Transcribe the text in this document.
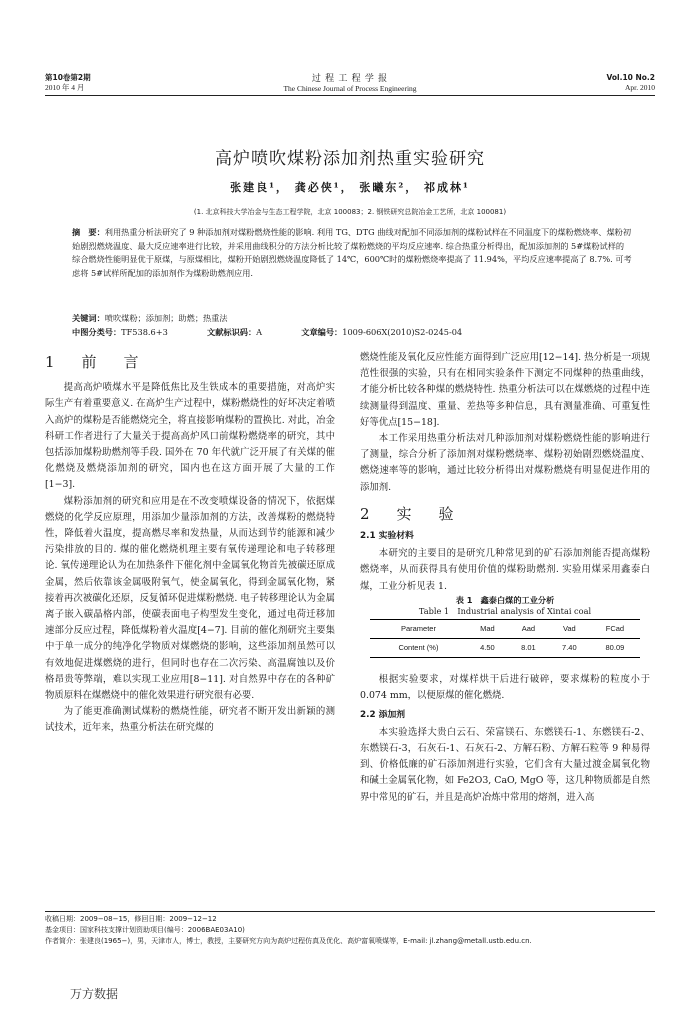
第10卷第2期
2010 年 4 月
过 程 工 程 学 报
The Chinese Journal of Process Engineering
Vol.10 No.2
Apr. 2010
高炉喷吹煤粉添加剂热重实验研究
张建良¹， 龚必侠¹， 张曦东²， 祁成林¹
(1. 北京科技大学冶金与生态工程学院，北京 100083；2. 钢铁研究总院冶金工艺所，北京 100081)
摘　要：利用热重分析法研究了 9 种添加剂对煤粉燃烧性能的影响. 利用 TG、DTG 曲线对配加不同添加剂的煤粉试样在不同温度下的煤粉燃烧率、煤粉初始剧烈燃烧温度、最大反应速率进行比较，并采用曲线积分的方法分析比较了煤粉燃烧的平均反应速率. 综合热重分析得出，配加添加剂的 5#煤粉试样的综合燃烧性能明显优于原煤，与原煤相比，煤粉开始剧烈燃烧温度降低了 14℃，600℃时的煤粉燃烧率提高了 11.94%，平均反应速率提高了 8.7%. 可考虑将 5#试样所配加的添加剂作为煤粉助燃剂应用.
关键词：喷吹煤粉；添加剂；助燃；热重法
中图分类号：TF538.6+3	文献标识码：A	文章编号：1009-606X(2010)S2-0245-04
1　前　言

提高高炉喷煤水平是降低焦比及生铁成本的重要措施，对高炉实际生产有着重要意义. 在高炉生产过程中，煤粉燃烧性的好坏决定着喷入高炉的煤粉是否能燃烧完全，将直接影响煤粉的置换比. 对此，冶金科研工作者进行了大量关于提高高炉风口前煤粉燃烧率的研究，其中包括添加煤粉助燃剂等手段. 国外在 70 年代就广泛开展了有关煤的催化燃烧及燃烧添加剂的研究，国内也在这方面开展了大量的工作[1−3].

煤粉添加剂的研究和应用是在不改变喷煤设备的情况下，依据煤燃烧的化学反应原理，用添加少量添加剂的方法，改善煤粉的燃烧特性，降低着火温度，提高燃尽率和发热量，从而达到节约能源和减少污染排放的目的. 煤的催化燃烧机理主要有氧传递理论和电子转移理论. 氧传递理论认为在加热条件下催化剂中金属氧化物首先被碳还原成金属，然后依靠该金属吸附氧气，使金属氧化，得到金属氧化物，紧接着再次被碳化还原，反复循环促进煤粉燃烧. 电子转移理论认为金属离子嵌入碳晶格内部，使碳表面电子构型发生变化，通过电荷迁移加速部分反应过程，降低煤粉着火温度[4−7]. 目前的催化剂研究主要集中于单一成分的纯净化学物质对煤燃烧的影响，这些添加剂虽然可以有效地促进煤燃烧的进行，但同时也存在二次污染、高温腐蚀以及价格昂贵等弊端，难以实现工业应用[8−11]. 对自然界中存在的各种矿物质原料在煤燃烧中的催化效果进行研究很有必要.

为了能更准确测试煤粉的燃烧性能，研究者不断开发出新颖的测试技术，近年来，热重分析法在研究煤的

燃烧性能及氧化反应性能方面得到广泛应用[12−14]. 热分析是一项规范性很强的实验，只有在相同实验条件下测定不同煤种的热重曲线，才能分析比较各种煤的燃烧特性. 热重分析法可以在煤燃烧的过程中连续测量得到温度、重量、差热等多种信息，具有测量准确、可重复性好等优点[15−18].

本工作采用热重分析法对几种添加剂对煤粉燃烧性能的影响进行了测量，综合分析了添加剂对煤粉燃烧率、煤粉初始剧烈燃烧温度、燃烧速率等的影响，通过比较分析得出对煤粉燃烧有明显促进作用的添加剂.

2　实　验
2.1 实验材料

本研究的主要目的是研究几种常见到的矿石添加剂能否提高煤粉燃烧率，从而获得具有使用价值的煤粉助燃剂. 实验用煤采用鑫泰白煤，工业分析见表 1.

表 1　鑫泰白煤的工业分析
Table 1　Industrial analysis of Xintai coal
Parameter	Mad	Aad	Vad	FCad
Content (%)	4.50	8.01	7.40	80.09

根据实验要求，对煤样烘干后进行破碎，要求煤粉的粒度小于 0.074 mm，以便原煤的催化燃烧.

2.2 添加剂

本实验选择大贵白云石、荣富镁石、东燃镁石-1、东燃镁石-2、东燃镁石-3，石灰石-1、石灰石-2、方解石粉、方解石粒等 9 种易得到、价格低廉的矿石添加剂进行实验，它们含有大量过渡金属氧化物和碱土金属氧化物，如 Fe2O3, CaO, MgO 等，这几种物质都是自然界中常见的矿石，并且是高炉冶炼中常用的熔剂，进入高

收稿日期：2009−08−15，修回日期：2009−12−12
基金项目：国家科技支撑计划资助项目(编号：2006BAE03A10)
作者简介：张建良(1965−)，男，天津市人，博士，教授，主要研究方向为高炉过程仿真及优化、高炉富氧喷煤等，E-mail: jl.zhang@metall.ustb.edu.cn.
万方数据
